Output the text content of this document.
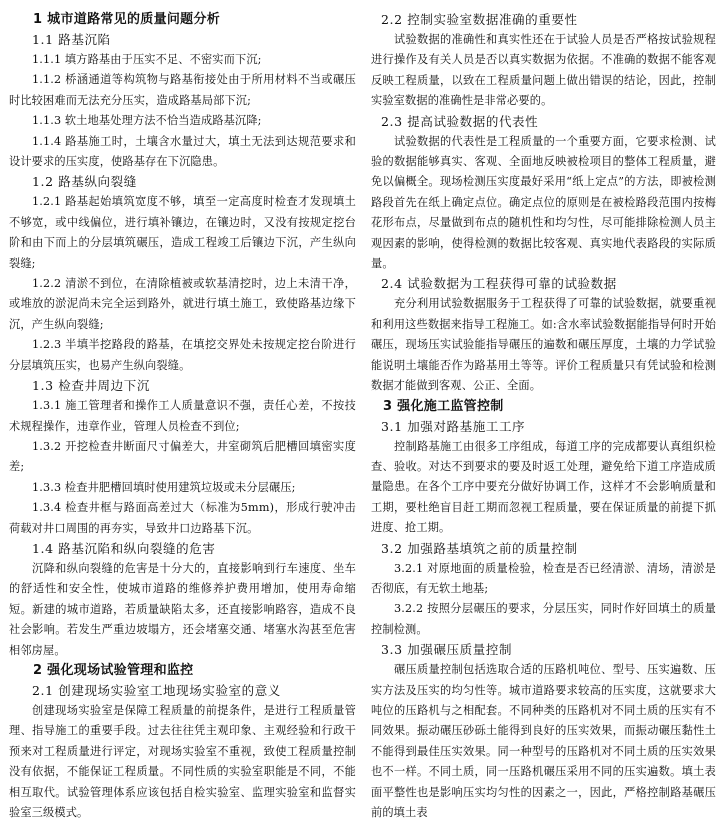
1 城市道路常见的质量问题分析
1.1 路基沉陷
1.1.1 填方路基由于压实不足、不密实而下沉;
1.1.2 桥涵通道等构筑物与路基衔接处由于所用材料不当或碾压时比较困难而无法充分压实，造成路基局部下沉;
1.1.3 软土地基处理方法不恰当造成路基沉降;
1.1.4 路基施工时，土壤含水量过大，填土无法到达规范要求和设计要求的压实度，使路基存在下沉隐患。
1.2 路基纵向裂缝
1.2.1 路基起始填筑宽度不够，填至一定高度时检查才发现填土不够宽，或中线偏位，进行填补镶边，在镶边时，又没有按规定挖台阶和由下而上的分层填筑碾压，造成工程竣工后镶边下沉，产生纵向裂缝;
1.2.2 清淤不到位，在清除植被或软基清挖时，边上未清干净，或堆放的淤泥尚未完全运到路外，就进行填土施工，致使路基边缘下沉，产生纵向裂缝;
1.2.3 半填半挖路段的路基，在填挖交界处未按规定挖台阶进行分层填筑压实，也易产生纵向裂缝。
1.3 检查井周边下沉
1.3.1 施工管理者和操作工人质量意识不强，责任心差，不按技术规程操作，违章作业，管理人员检查不到位;
1.3.2 开挖检查井断面尺寸偏差大，井室砌筑后肥槽回填密实度差;
1.3.3 检查井肥槽回填时使用建筑垃圾或未分层碾压;
1.3.4 检查井框与路面高差过大（标准为5mm)，形成行驶冲击荷载对井口周围的再夯实，导致井口边路基下沉。
1.4 路基沉陷和纵向裂缝的危害
沉降和纵向裂缝的危害是十分大的，直接影响到行车速度、坐车的舒适性和安全性，使城市道路的维修养护费用增加，使用寿命缩短。新建的城市道路，若质量缺陷太多，还直接影响路容，造成不良社会影响。若发生严重边坡塌方，还会堵塞交通、堵塞水沟甚至危害相邻房屋。
2 强化现场试验管理和监控
2.1 创建现场实验室工地现场实验室的意义
创建现场实验室是保障工程质量的前提条件，是进行工程质量管理、指导施工的重要手段。过去往往凭主观印象、主观经验和行政干预来对工程质量进行评定，对现场实验室不重视，致使工程质量控制没有依据，不能保证工程质量。不同性质的实验室职能是不同，不能相互取代。试验管理体系应该包括自检实验室、监理实验室和监督实验室三级模式。
2.2 控制实验室数据准确的重要性
试验数据的准确性和真实性还在于试验人员是否严格按试验规程进行操作及有关人员是否以真实数据为依据。不准确的数据不能客观反映工程质量，以致在工程质量问题上做出错误的结论，因此，控制实验室数据的准确性是非常必要的。
2.3 提高试验数据的代表性
试验数据的代表性是工程质量的一个重要方面，它要求检测、试验的数据能够真实、客观、全面地反映被检项目的整体工程质量，避免以偏概全。现场检测压实度最好采用“纸上定点”的方法，即被检测路段首先在纸上确定点位。确定点位的原则是在被检路段范围内按梅花形布点，尽量做到布点的随机性和均匀性，尽可能排除检测人员主观因素的影响，使得检测的数据比较客观、真实地代表路段的实际质量。
2.4 试验数据为工程获得可靠的试验数据
充分利用试验数据服务于工程获得了可靠的试验数据，就要重视和利用这些数据来指导工程施工。如:含水率试验数据能指导何时开始碾压，现场压实试验能指导碾压的遍数和碾压厚度，土壤的力学试验能说明土壤能否作为路基用土等等。评价工程质量只有凭试验和检测数据才能做到客观、公正、全面。
3 强化施工监管控制
3.1 加强对路基施工工序
控制路基施工由很多工序组成，每道工序的完成都要认真组织检查、验收。对达不到要求的要及时返工处理，避免给下道工序造成质量隐患。在各个工序中要充分做好协调工作，这样才不会影响质量和工期，要杜绝盲目赶工期而忽视工程质量，要在保证质量的前提下抓进度、抢工期。
3.2 加强路基填筑之前的质量控制
3.2.1 对原地面的质量检验，检查是否已经清淤、清场，清淤是否彻底，有无软土地基;
3.2.2 按照分层碾压的要求，分层压实，同时作好回填土的质量控制检测。
3.3 加强碾压质量控制
碾压质量控制包括选取合适的压路机吨位、型号、压实遍数、压实方法及压实的均匀性等。城市道路要求较高的压实度，这就要求大吨位的压路机与之相配套。不同种类的压路机对不同土质的压实有不同效果。振动碾压砂砾土能得到良好的压实效果，而振动碾压黏性土不能得到最佳压实效果。同一种型号的压路机对不同土质的压实效果也不一样。不同土质，同一压路机碾压采用不同的压实遍数。填土表面平整性也是影响压实均匀性的因素之一，因此，严格控制路基碾压前的填土表
